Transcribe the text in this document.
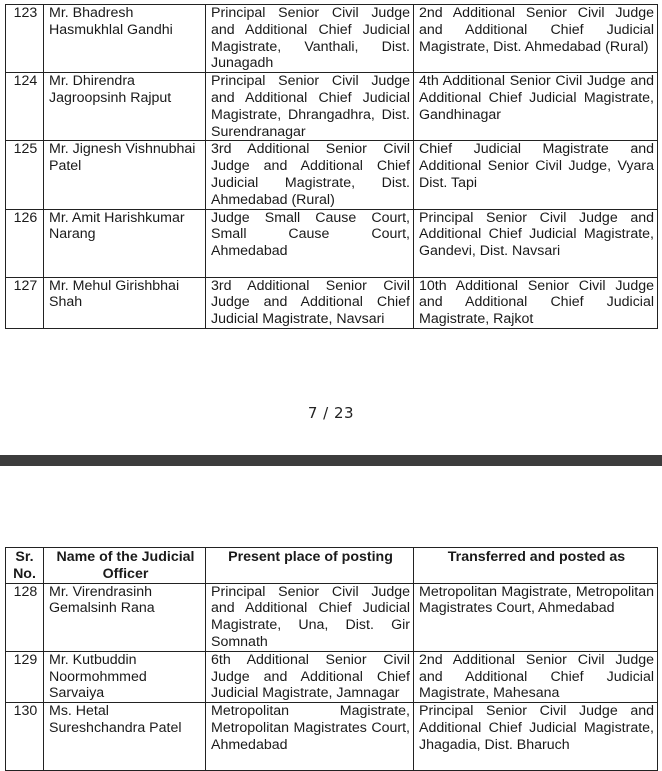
123	Mr. Bhadresh Hasmukhlal Gandhi	Principal Senior Civil Judge and Additional Chief Judicial Magistrate, Vanthali, Dist. Junagadh	2nd Additional Senior Civil Judge and Additional Chief Judicial Magistrate, Dist. Ahmedabad (Rural)
124	Mr. Dhirendra Jagroopsinh Rajput	Principal Senior Civil Judge and Additional Chief Judicial Magistrate, Dhrangadhra, Dist. Surendranagar	4th Additional Senior Civil Judge and Additional Chief Judicial Magistrate, Gandhinagar
125	Mr. Jignesh Vishnubhai Patel	3rd Additional Senior Civil Judge and Additional Chief Judicial Magistrate, Dist. Ahmedabad (Rural)	Chief Judicial Magistrate and Additional Senior Civil Judge, Vyara Dist. Tapi
126	Mr. Amit Harishkumar Narang	Judge Small Cause Court, Small Cause Court, Ahmedabad	Principal Senior Civil Judge and Additional Chief Judicial Magistrate, Gandevi, Dist. Navsari
127	Mr. Mehul Girishbhai Shah	3rd Additional Senior Civil Judge and Additional Chief Judicial Magistrate, Navsari	10th Additional Senior Civil Judge and Additional Chief Judicial Magistrate, Rajkot
7 / 23
Sr. No.	Name of the Judicial Officer	Present place of posting	Transferred and posted as
128	Mr. Virendrasinh Gemalsinh Rana	Principal Senior Civil Judge and Additional Chief Judicial Magistrate, Una, Dist. Gir Somnath	Metropolitan Magistrate, Metropolitan Magistrates Court, Ahmedabad
129	Mr. Kutbuddin Noormohmmed Sarvaiya	6th Additional Senior Civil Judge and Additional Chief Judicial Magistrate, Jamnagar	2nd Additional Senior Civil Judge and Additional Chief Judicial Magistrate, Mahesana
130	Ms. Hetal Sureshchandra Patel	Metropolitan Magistrate, Metropolitan Magistrates Court, Ahmedabad	Principal Senior Civil Judge and Additional Chief Judicial Magistrate, Jhagadia, Dist. Bharuch
